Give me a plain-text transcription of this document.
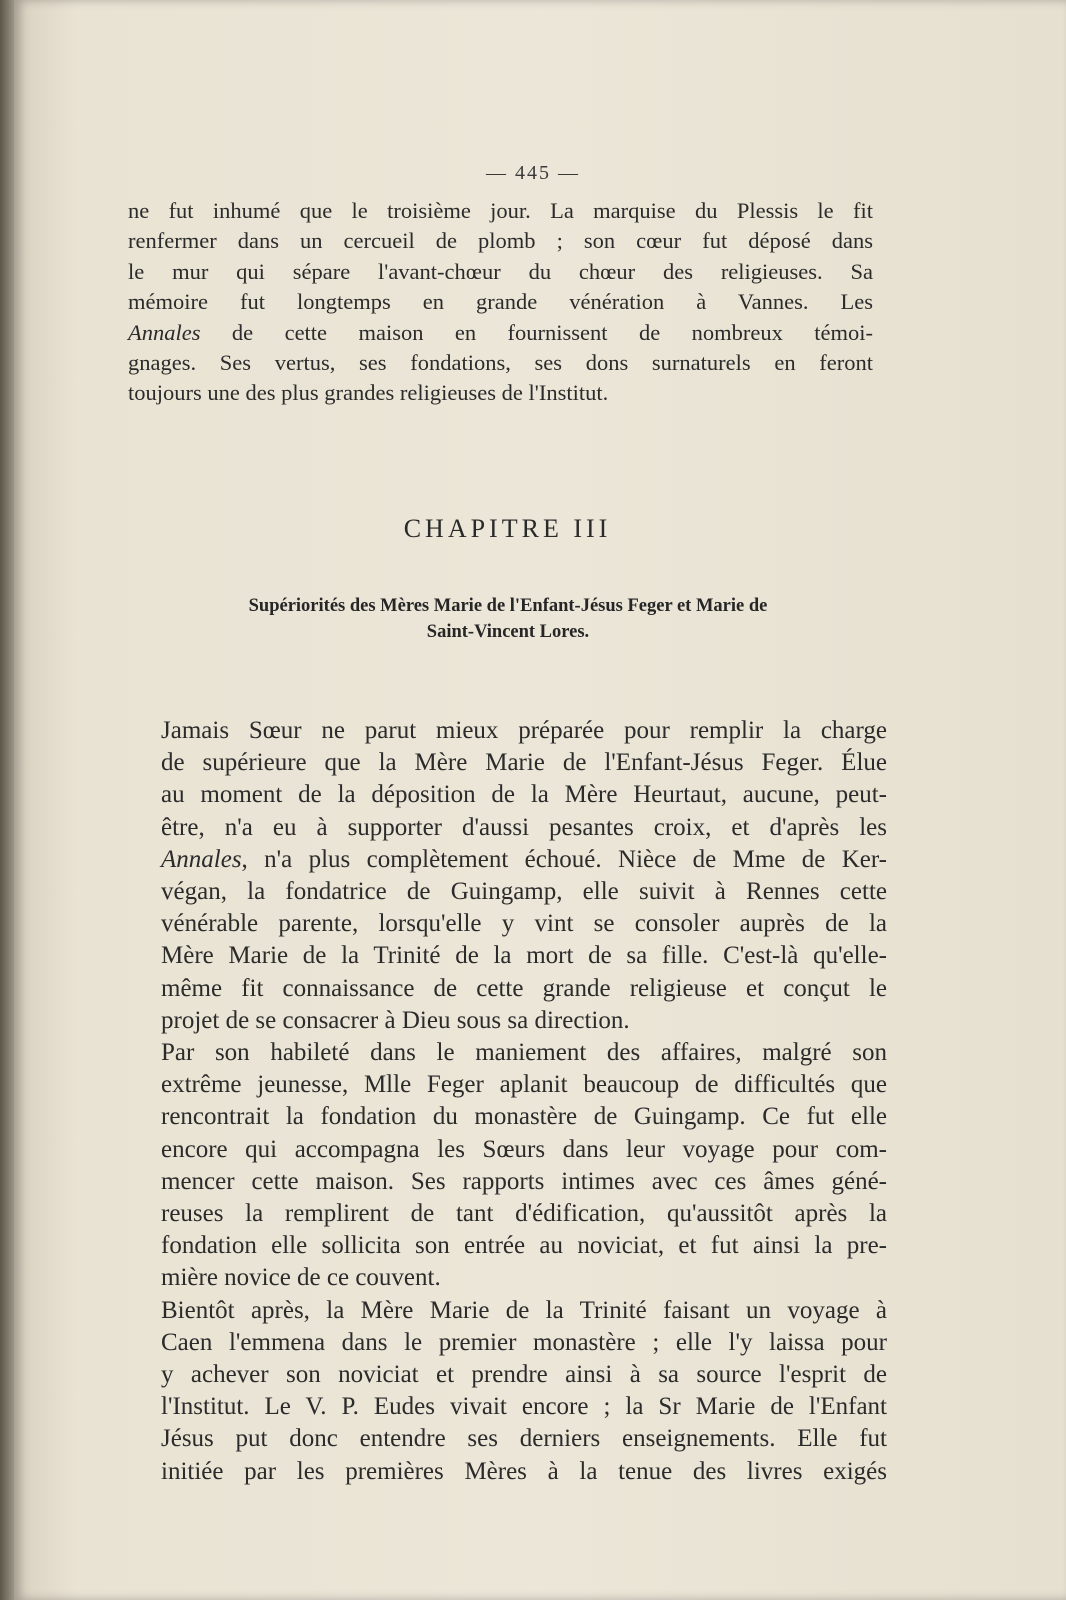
— 445 —

ne fut inhumé que le troisième jour. La marquise du Plessis le fit
renfermer dans un cercueil de plomb ; son cœur fut déposé dans
le mur qui sépare l'avant-chœur du chœur des religieuses. Sa
mémoire fut longtemps en grande vénération à Vannes. Les
Annales de cette maison en fournissent de nombreux témoi-
gnages. Ses vertus, ses fondations, ses dons surnaturels en feront
toujours une des plus grandes religieuses de l'Institut.

CHAPITRE III
Supériorités des Mères Marie de l'Enfant-Jésus Feger et Marie de
Saint-Vincent Lores.

Jamais Sœur ne parut mieux préparée pour remplir la charge
de supérieure que la Mère Marie de l'Enfant-Jésus Feger. Élue
au moment de la déposition de la Mère Heurtaut, aucune, peut-
être, n'a eu à supporter d'aussi pesantes croix, et d'après les
Annales, n'a plus complètement échoué. Nièce de Mme de Ker-
végan, la fondatrice de Guingamp, elle suivit à Rennes cette
vénérable parente, lorsqu'elle y vint se consoler auprès de la
Mère Marie de la Trinité de la mort de sa fille. C'est-là qu'elle-
même fit connaissance de cette grande religieuse et conçut le
projet de se consacrer à Dieu sous sa direction.

Par son habileté dans le maniement des affaires, malgré son
extrême jeunesse, Mlle Feger aplanit beaucoup de difficultés que
rencontrait la fondation du monastère de Guingamp. Ce fut elle
encore qui accompagna les Sœurs dans leur voyage pour com-
mencer cette maison. Ses rapports intimes avec ces âmes géné-
reuses la remplirent de tant d'édification, qu'aussitôt après la
fondation elle sollicita son entrée au noviciat, et fut ainsi la pre-
mière novice de ce couvent.

Bientôt après, la Mère Marie de la Trinité faisant un voyage à
Caen l'emmena dans le premier monastère ; elle l'y laissa pour
y achever son noviciat et prendre ainsi à sa source l'esprit de
l'Institut. Le V. P. Eudes vivait encore ; la Sr Marie de l'Enfant
Jésus put donc entendre ses derniers enseignements. Elle fut
initiée par les premières Mères à la tenue des livres exigés
